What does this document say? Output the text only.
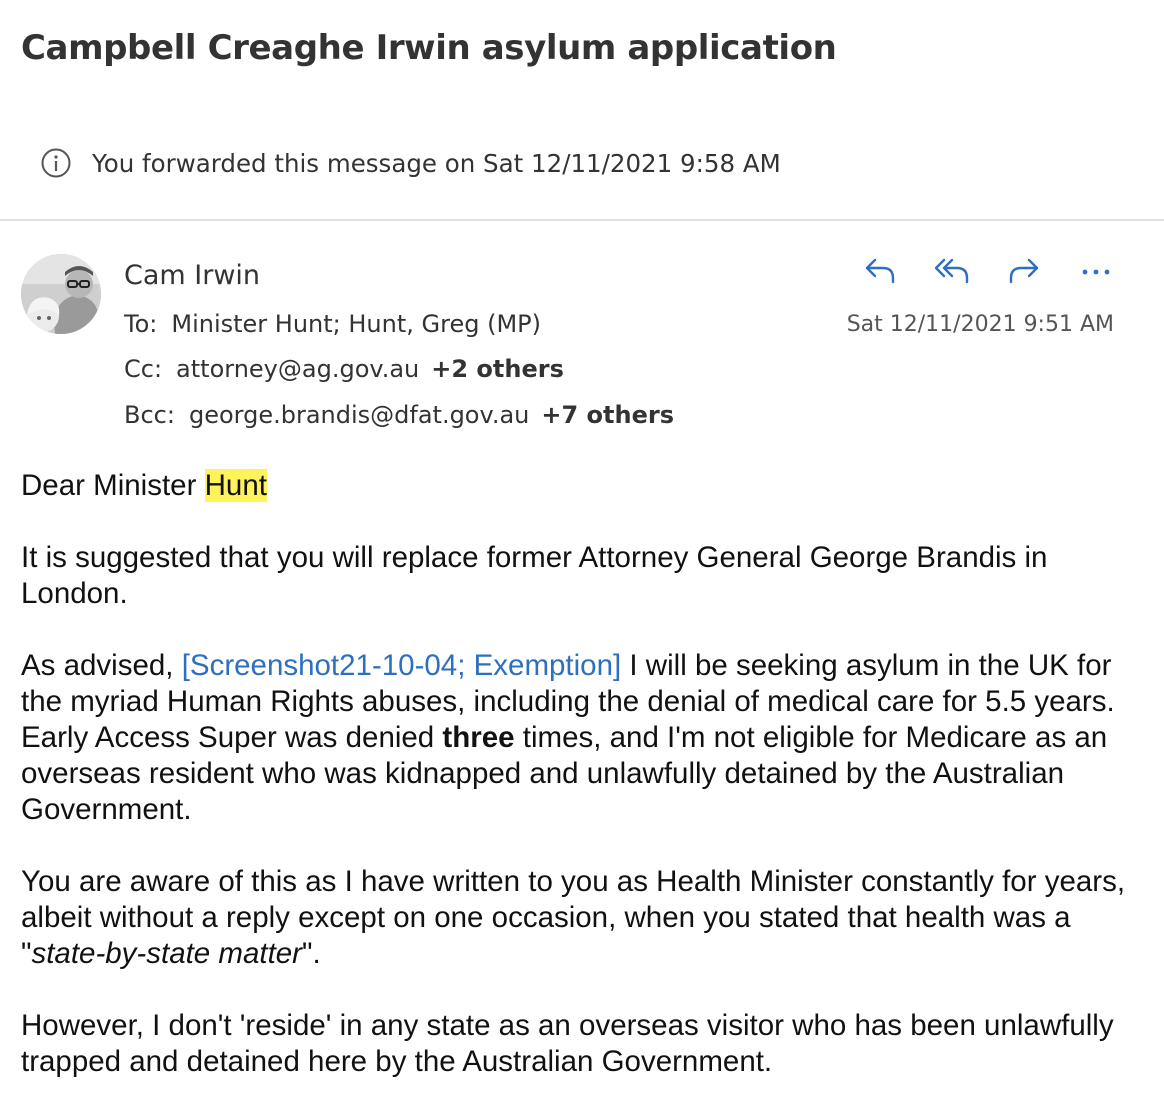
Campbell Creaghe Irwin asylum application
You forwarded this message on Sat 12/11/2021 9:58 AM
Cam Irwin
To: Minister Hunt; Hunt, Greg (MP)
Cc: attorney@ag.gov.au +2 others
Bcc: george.brandis@dfat.gov.au +7 others
Sat 12/11/2021 9:51 AM

Dear Minister Hunt

It is suggested that you will replace former Attorney General George Brandis in London.

As advised, [Screenshot21-10-04; Exemption] I will be seeking asylum in the UK for the myriad Human Rights abuses, including the denial of medical care for 5.5 years. Early Access Super was denied three times, and I'm not eligible for Medicare as an overseas resident who was kidnapped and unlawfully detained by the Australian Government.

You are aware of this as I have written to you as Health Minister constantly for years, albeit without a reply except on one occasion, when you stated that health was a "state-by-state matter".

However, I don't 'reside' in any state as an overseas visitor who has been unlawfully trapped and detained here by the Australian Government.
